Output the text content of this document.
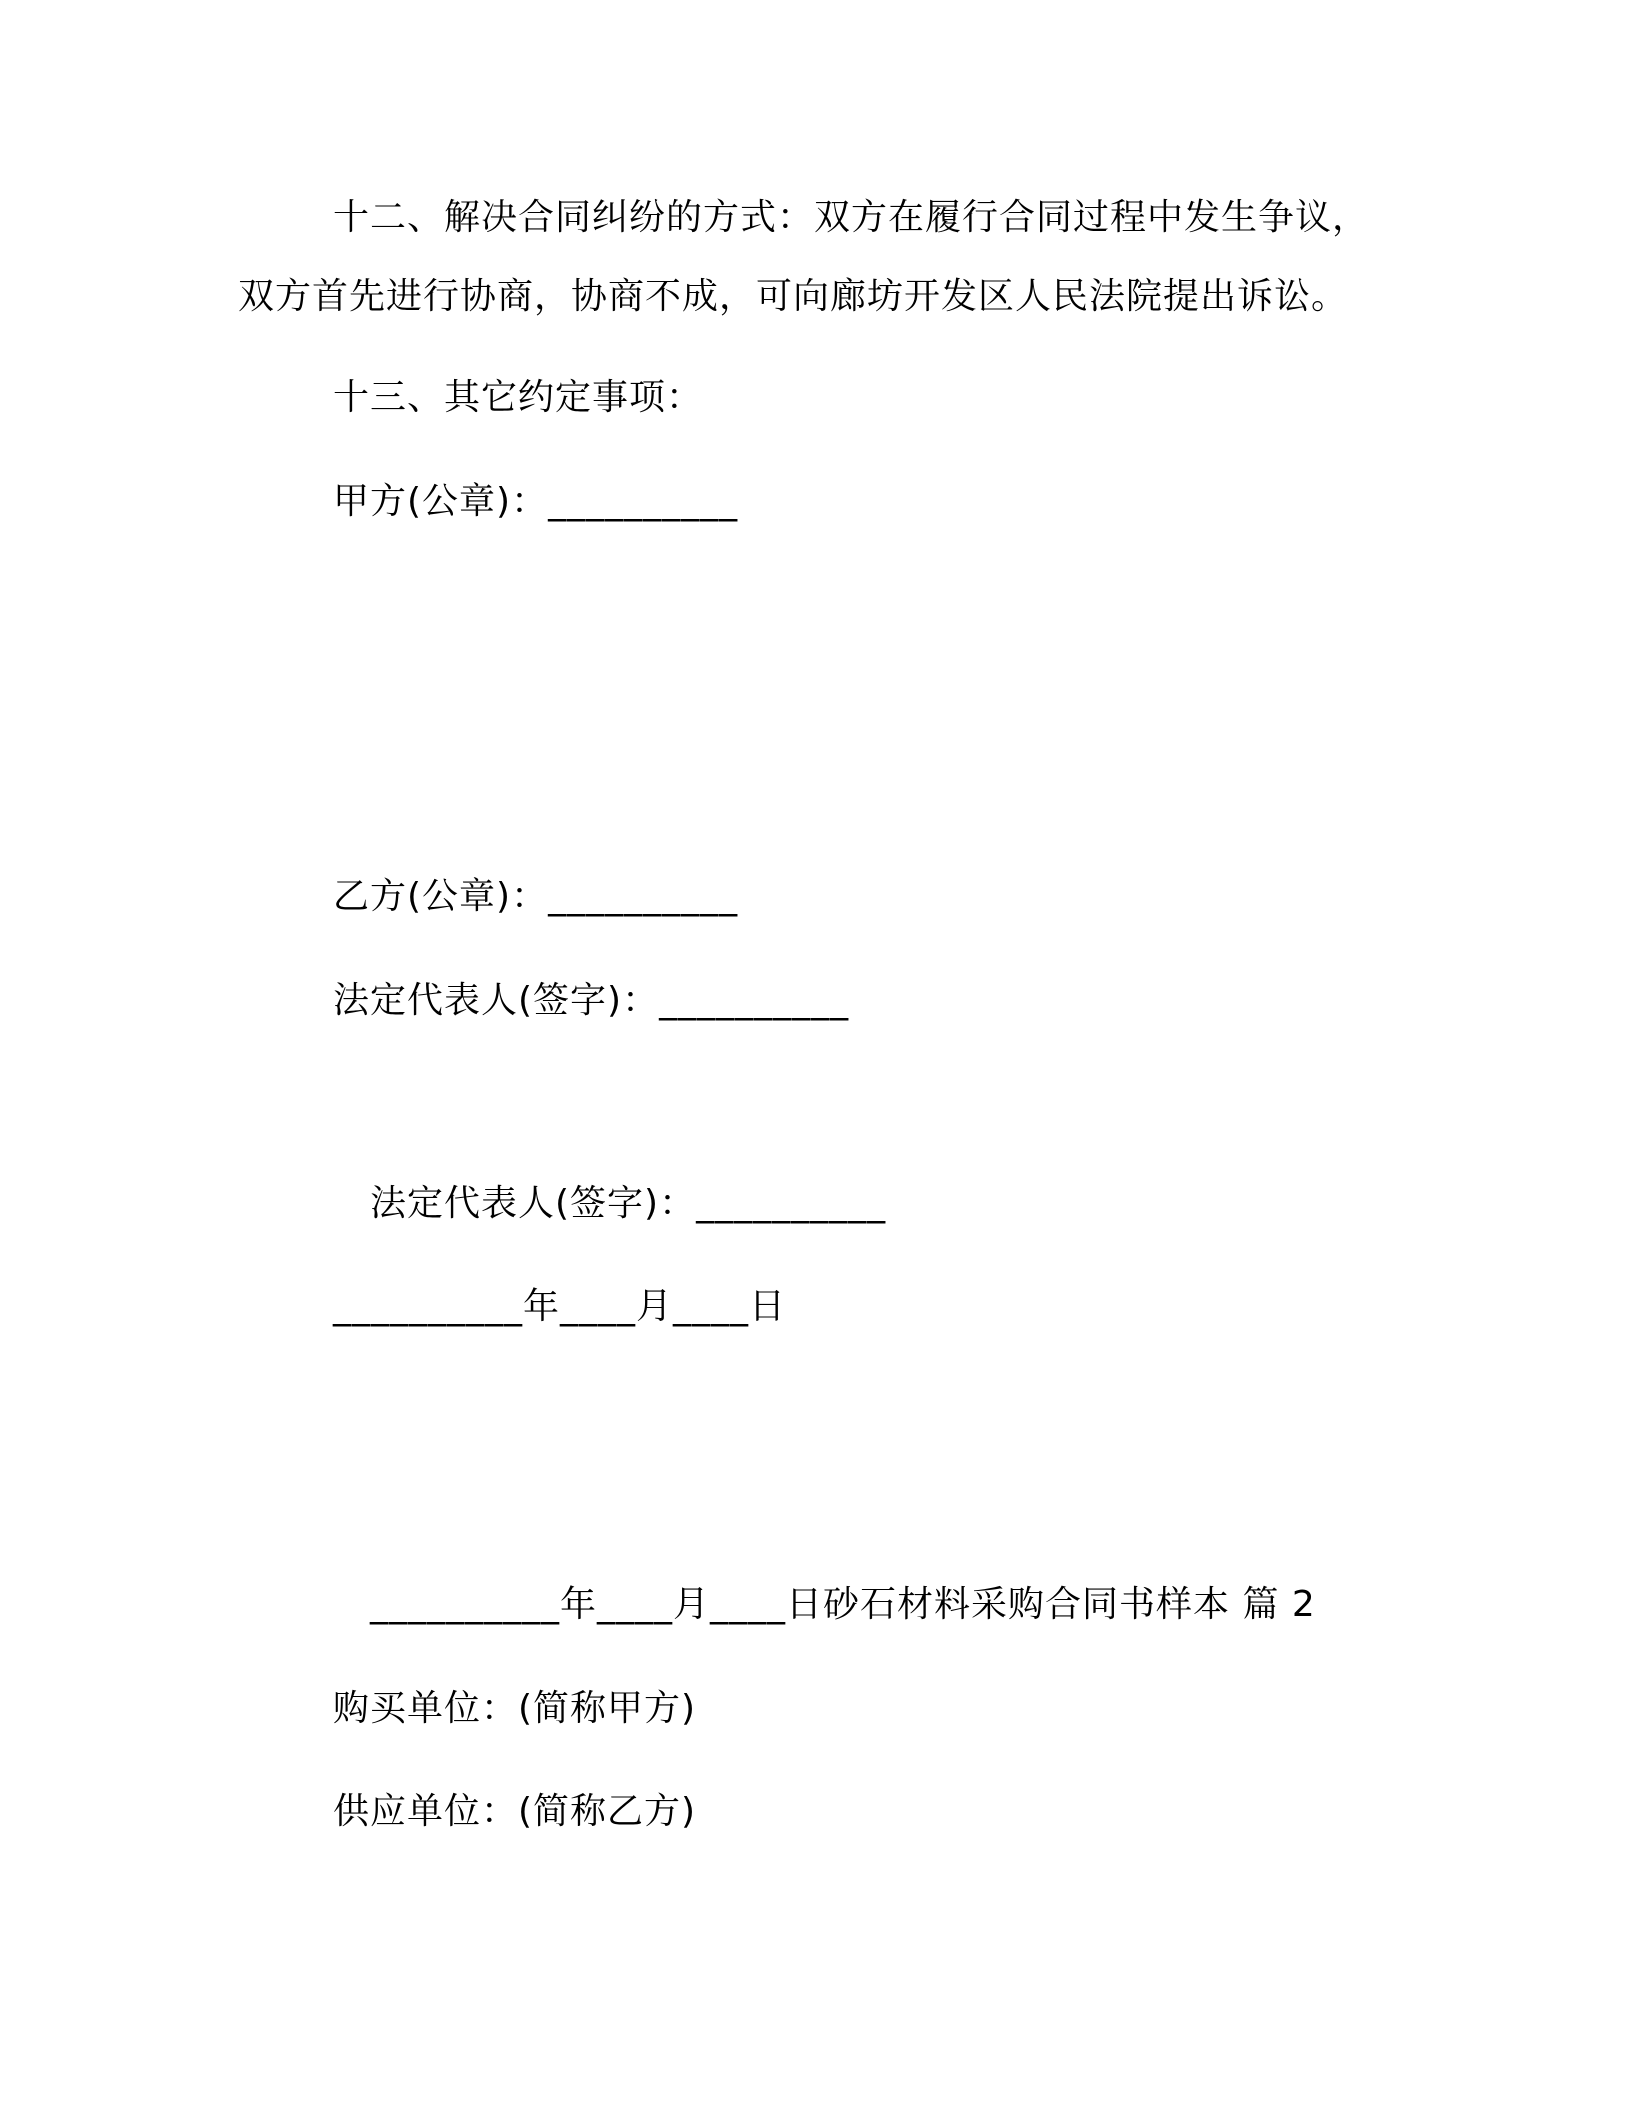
十二、解决合同纠纷的方式：双方在履行合同过程中发生争议，
双方首先进行协商，协商不成，可向廊坊开发区人民法院提出诉讼。
十三、其它约定事项：
甲方(公章)：__________
乙方(公章)：__________
法定代表人(签字)：__________
法定代表人(签字)：__________
__________年____月____日
__________年____月____日砂石材料采购合同书样本 篇 2
购买单位：(简称甲方)
供应单位：(简称乙方)
